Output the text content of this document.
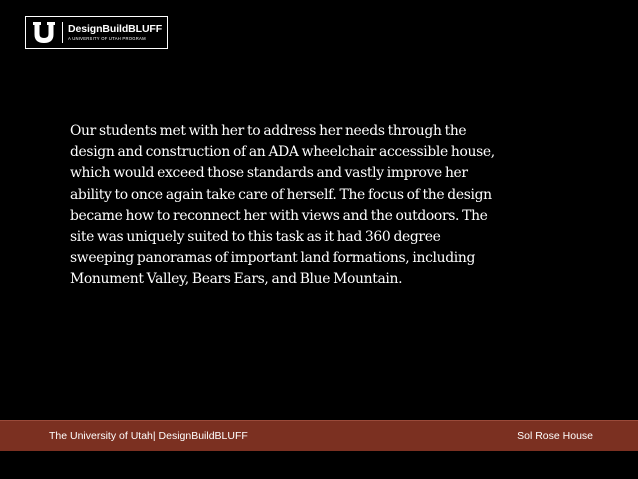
DesignBuildBLUFF
A UNIVERSITY OF UTAH PROGRAM

Our students met with her to address her needs through the
design and construction of an ADA wheelchair accessible house,
which would exceed those standards and vastly improve her
ability to once again take care of herself. The focus of the design
became how to reconnect her with views and the outdoors. The
site was uniquely suited to this task as it had 360 degree
sweeping panoramas of important land formations, including
Monument Valley, Bears Ears, and Blue Mountain.

The University of Utah| DesignBuildBLUFF	Sol Rose House
